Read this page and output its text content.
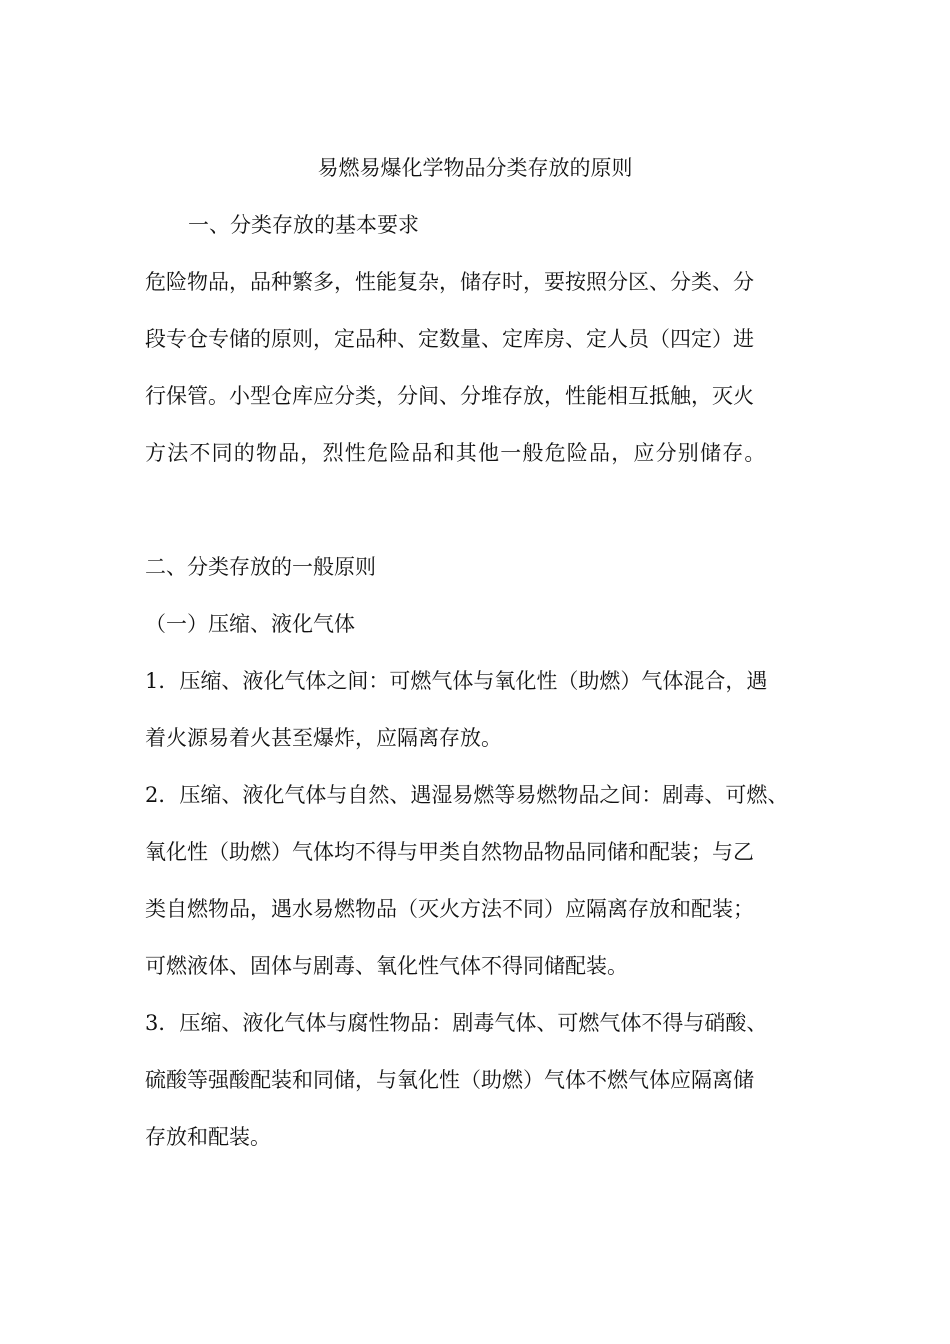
易燃易爆化学物品分类存放的原则
一、分类存放的基本要求
危险物品，品种繁多，性能复杂，储存时，要按照分区、分类、分
段专仓专储的原则，定品种、定数量、定库房、定人员（四定）进
行保管。小型仓库应分类，分间、分堆存放，性能相互抵触，灭火
方法不同的物品，烈性危险品和其他一般危险品，应分别储存。
二、分类存放的一般原则
（一）压缩、液化气体
1．压缩、液化气体之间：可燃气体与氧化性（助燃）气体混合，遇
着火源易着火甚至爆炸，应隔离存放。
2．压缩、液化气体与自然、遇湿易燃等易燃物品之间：剧毒、可燃、
氧化性（助燃）气体均不得与甲类自然物品物品同储和配装；与乙
类自燃物品，遇水易燃物品（灭火方法不同）应隔离存放和配装；
可燃液体、固体与剧毒、氧化性气体不得同储配装。
3．压缩、液化气体与腐性物品：剧毒气体、可燃气体不得与硝酸、
硫酸等强酸配装和同储，与氧化性（助燃）气体不燃气体应隔离储
存放和配装。
